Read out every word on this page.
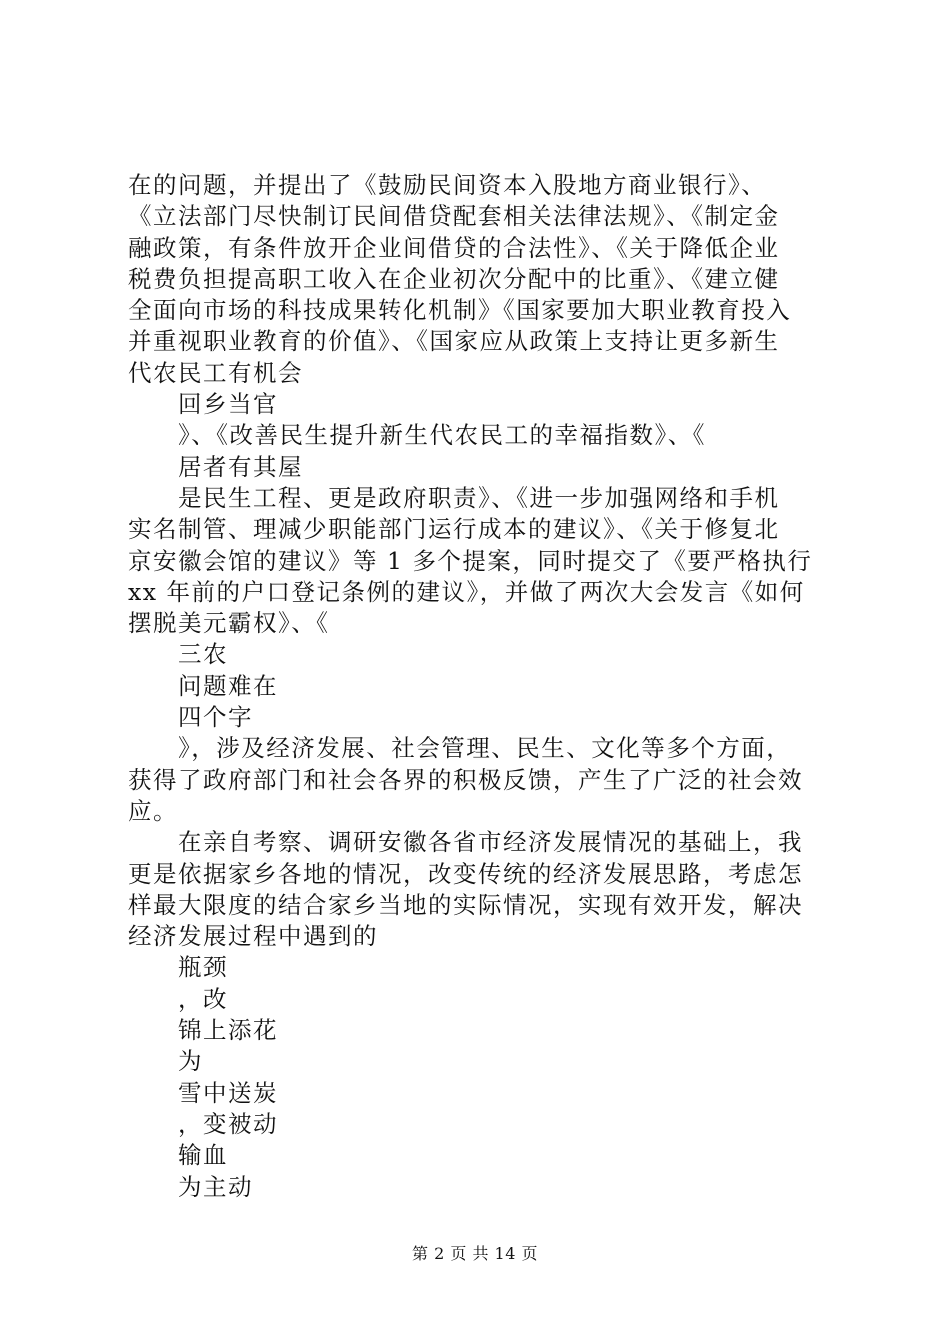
在的问题，并提出了《鼓励民间资本入股地方商业银行》、
《立法部门尽快制订民间借贷配套相关法律法规》、《制定金
融政策，有条件放开企业间借贷的合法性》、《关于降低企业
税费负担提高职工收入在企业初次分配中的比重》、《建立健
全面向市场的科技成果转化机制》《国家要加大职业教育投入
并重视职业教育的价值》、《国家应从政策上支持让更多新生
代农民工有机会
回乡当官
》、《改善民生提升新生代农民工的幸福指数》、《
居者有其屋
是民生工程、更是政府职责》、《进一步加强网络和手机
实名制管、理减少职能部门运行成本的建议》、《关于修复北
京安徽会馆的建议》等 1 多个提案，同时提交了《要严格执行
xx 年前的户口登记条例的建议》，并做了两次大会发言《如何
摆脱美元霸权》、《
三农
问题难在
四个字
》，涉及经济发展、社会管理、民生、文化等多个方面，
获得了政府部门和社会各界的积极反馈，产生了广泛的社会效
应。
在亲自考察、调研安徽各省市经济发展情况的基础上，我
更是依据家乡各地的情况，改变传统的经济发展思路，考虑怎
样最大限度的结合家乡当地的实际情况，实现有效开发，解决
经济发展过程中遇到的
瓶颈
，改
锦上添花
为
雪中送炭
，变被动
输血
为主动
第 2 页 共 14 页
